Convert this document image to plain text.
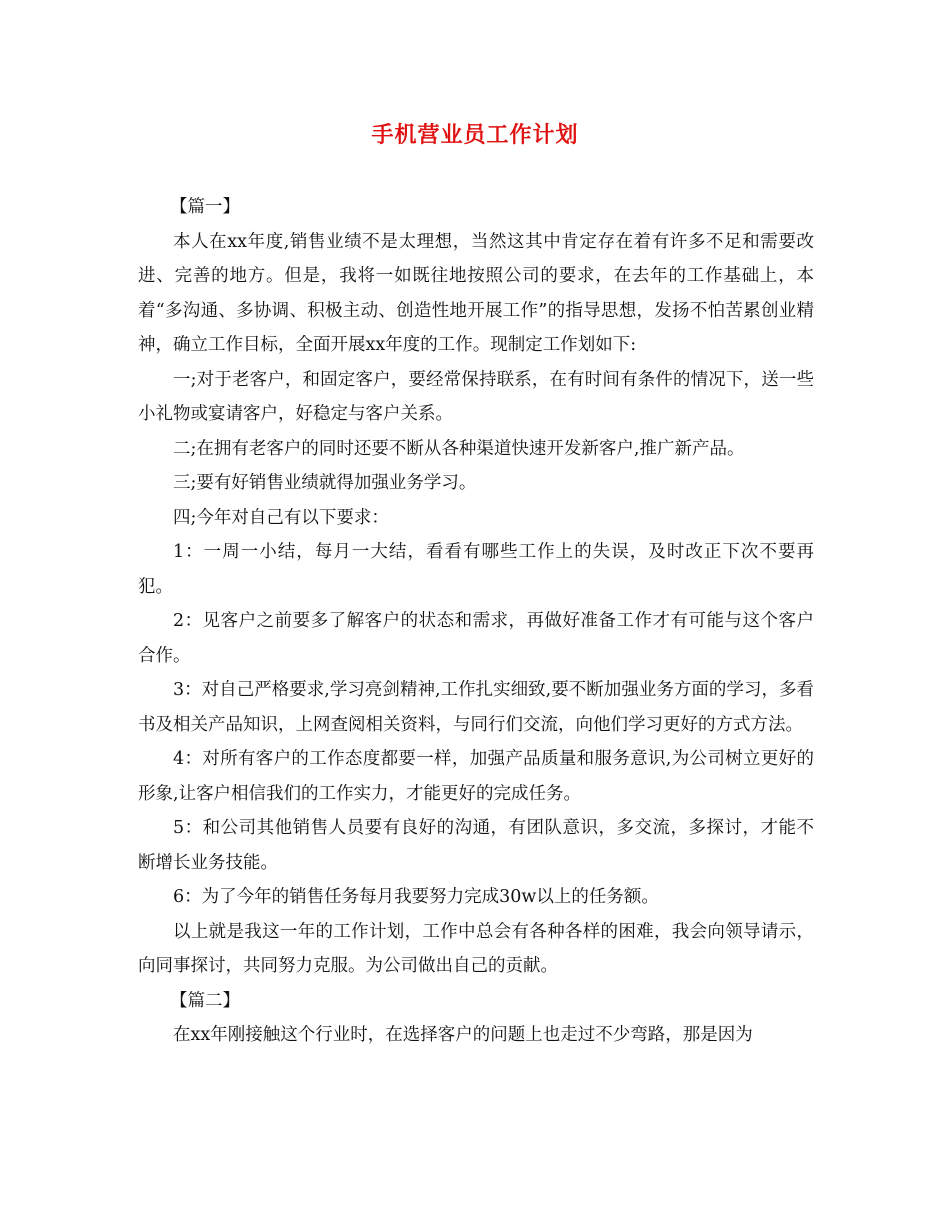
手机营业员工作计划

【篇一】

本人在xx年度,销售业绩不是太理想，当然这其中肯定存在着有许多不足和需要改进、完善的地方。但是，我将一如既往地按照公司的要求，在去年的工作基础上，本着“多沟通、多协调、积极主动、创造性地开展工作”的指导思想，发扬不怕苦累创业精神，确立工作目标，全面开展xx年度的工作。现制定工作划如下:

一;对于老客户，和固定客户，要经常保持联系，在有时间有条件的情况下，送一些小礼物或宴请客户，好稳定与客户关系。

二;在拥有老客户的同时还要不断从各种渠道快速开发新客户,推广新产品。

三;要有好销售业绩就得加强业务学习。

四;今年对自己有以下要求：

1：一周一小结，每月一大结，看看有哪些工作上的失误，及时改正下次不要再犯。

2：见客户之前要多了解客户的状态和需求，再做好准备工作才有可能与这个客户合作。

3：对自己严格要求,学习亮剑精神,工作扎实细致,要不断加强业务方面的学习，多看书及相关产品知识，上网查阅相关资料，与同行们交流，向他们学习更好的方式方法。

4：对所有客户的工作态度都要一样，加强产品质量和服务意识,为公司树立更好的形象,让客户相信我们的工作实力，才能更好的完成任务。

5：和公司其他销售人员要有良好的沟通，有团队意识，多交流，多探讨，才能不断增长业务技能。

6：为了今年的销售任务每月我要努力完成30w以上的任务额。

以上就是我这一年的工作计划，工作中总会有各种各样的困难，我会向领导请示，向同事探讨，共同努力克服。为公司做出自己的贡献。

【篇二】

在xx年刚接触这个行业时，在选择客户的问题上也走过不少弯路，那是因为
